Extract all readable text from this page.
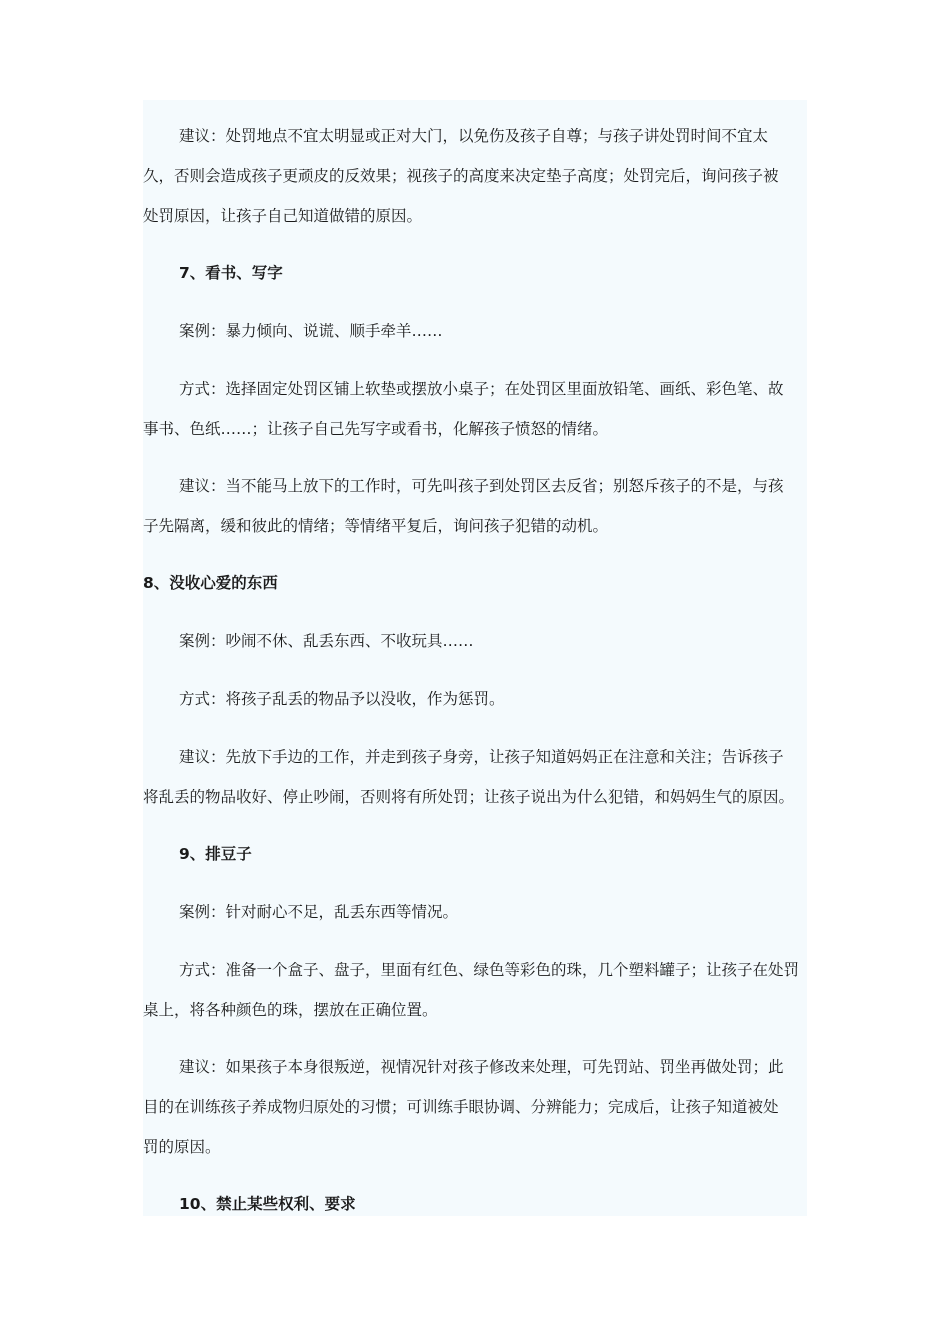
建议：处罚地点不宜太明显或正对大门，以免伤及孩子自尊；与孩子讲处罚时间不宜太
久，否则会造成孩子更顽皮的反效果；视孩子的高度来决定垫子高度；处罚完后，询问孩子被
处罚原因，让孩子自己知道做错的原因。

7、看书、写字

案例：暴力倾向、说谎、顺手牵羊……

方式：选择固定处罚区铺上软垫或摆放小桌子；在处罚区里面放铅笔、画纸、彩色笔、故
事书、色纸……；让孩子自己先写字或看书，化解孩子愤怒的情绪。

建议：当不能马上放下的工作时，可先叫孩子到处罚区去反省；别怒斥孩子的不是，与孩
子先隔离，缓和彼此的情绪；等情绪平复后，询问孩子犯错的动机。

8、没收心爱的东西

案例：吵闹不休、乱丢东西、不收玩具……

方式：将孩子乱丢的物品予以没收，作为惩罚。

建议：先放下手边的工作，并走到孩子身旁，让孩子知道妈妈正在注意和关注；告诉孩子
将乱丢的物品收好、停止吵闹，否则将有所处罚；让孩子说出为什么犯错，和妈妈生气的原因。

9、排豆子

案例：针对耐心不足，乱丢东西等情况。

方式：准备一个盒子、盘子，里面有红色、绿色等彩色的珠，几个塑料罐子；让孩子在处罚
桌上，将各种颜色的珠，摆放在正确位置。

建议：如果孩子本身很叛逆，视情况针对孩子修改来处理，可先罚站、罚坐再做处罚；此
目的在训练孩子养成物归原处的习惯；可训练手眼协调、分辨能力；完成后，让孩子知道被处
罚的原因。

10、禁止某些权利、要求
